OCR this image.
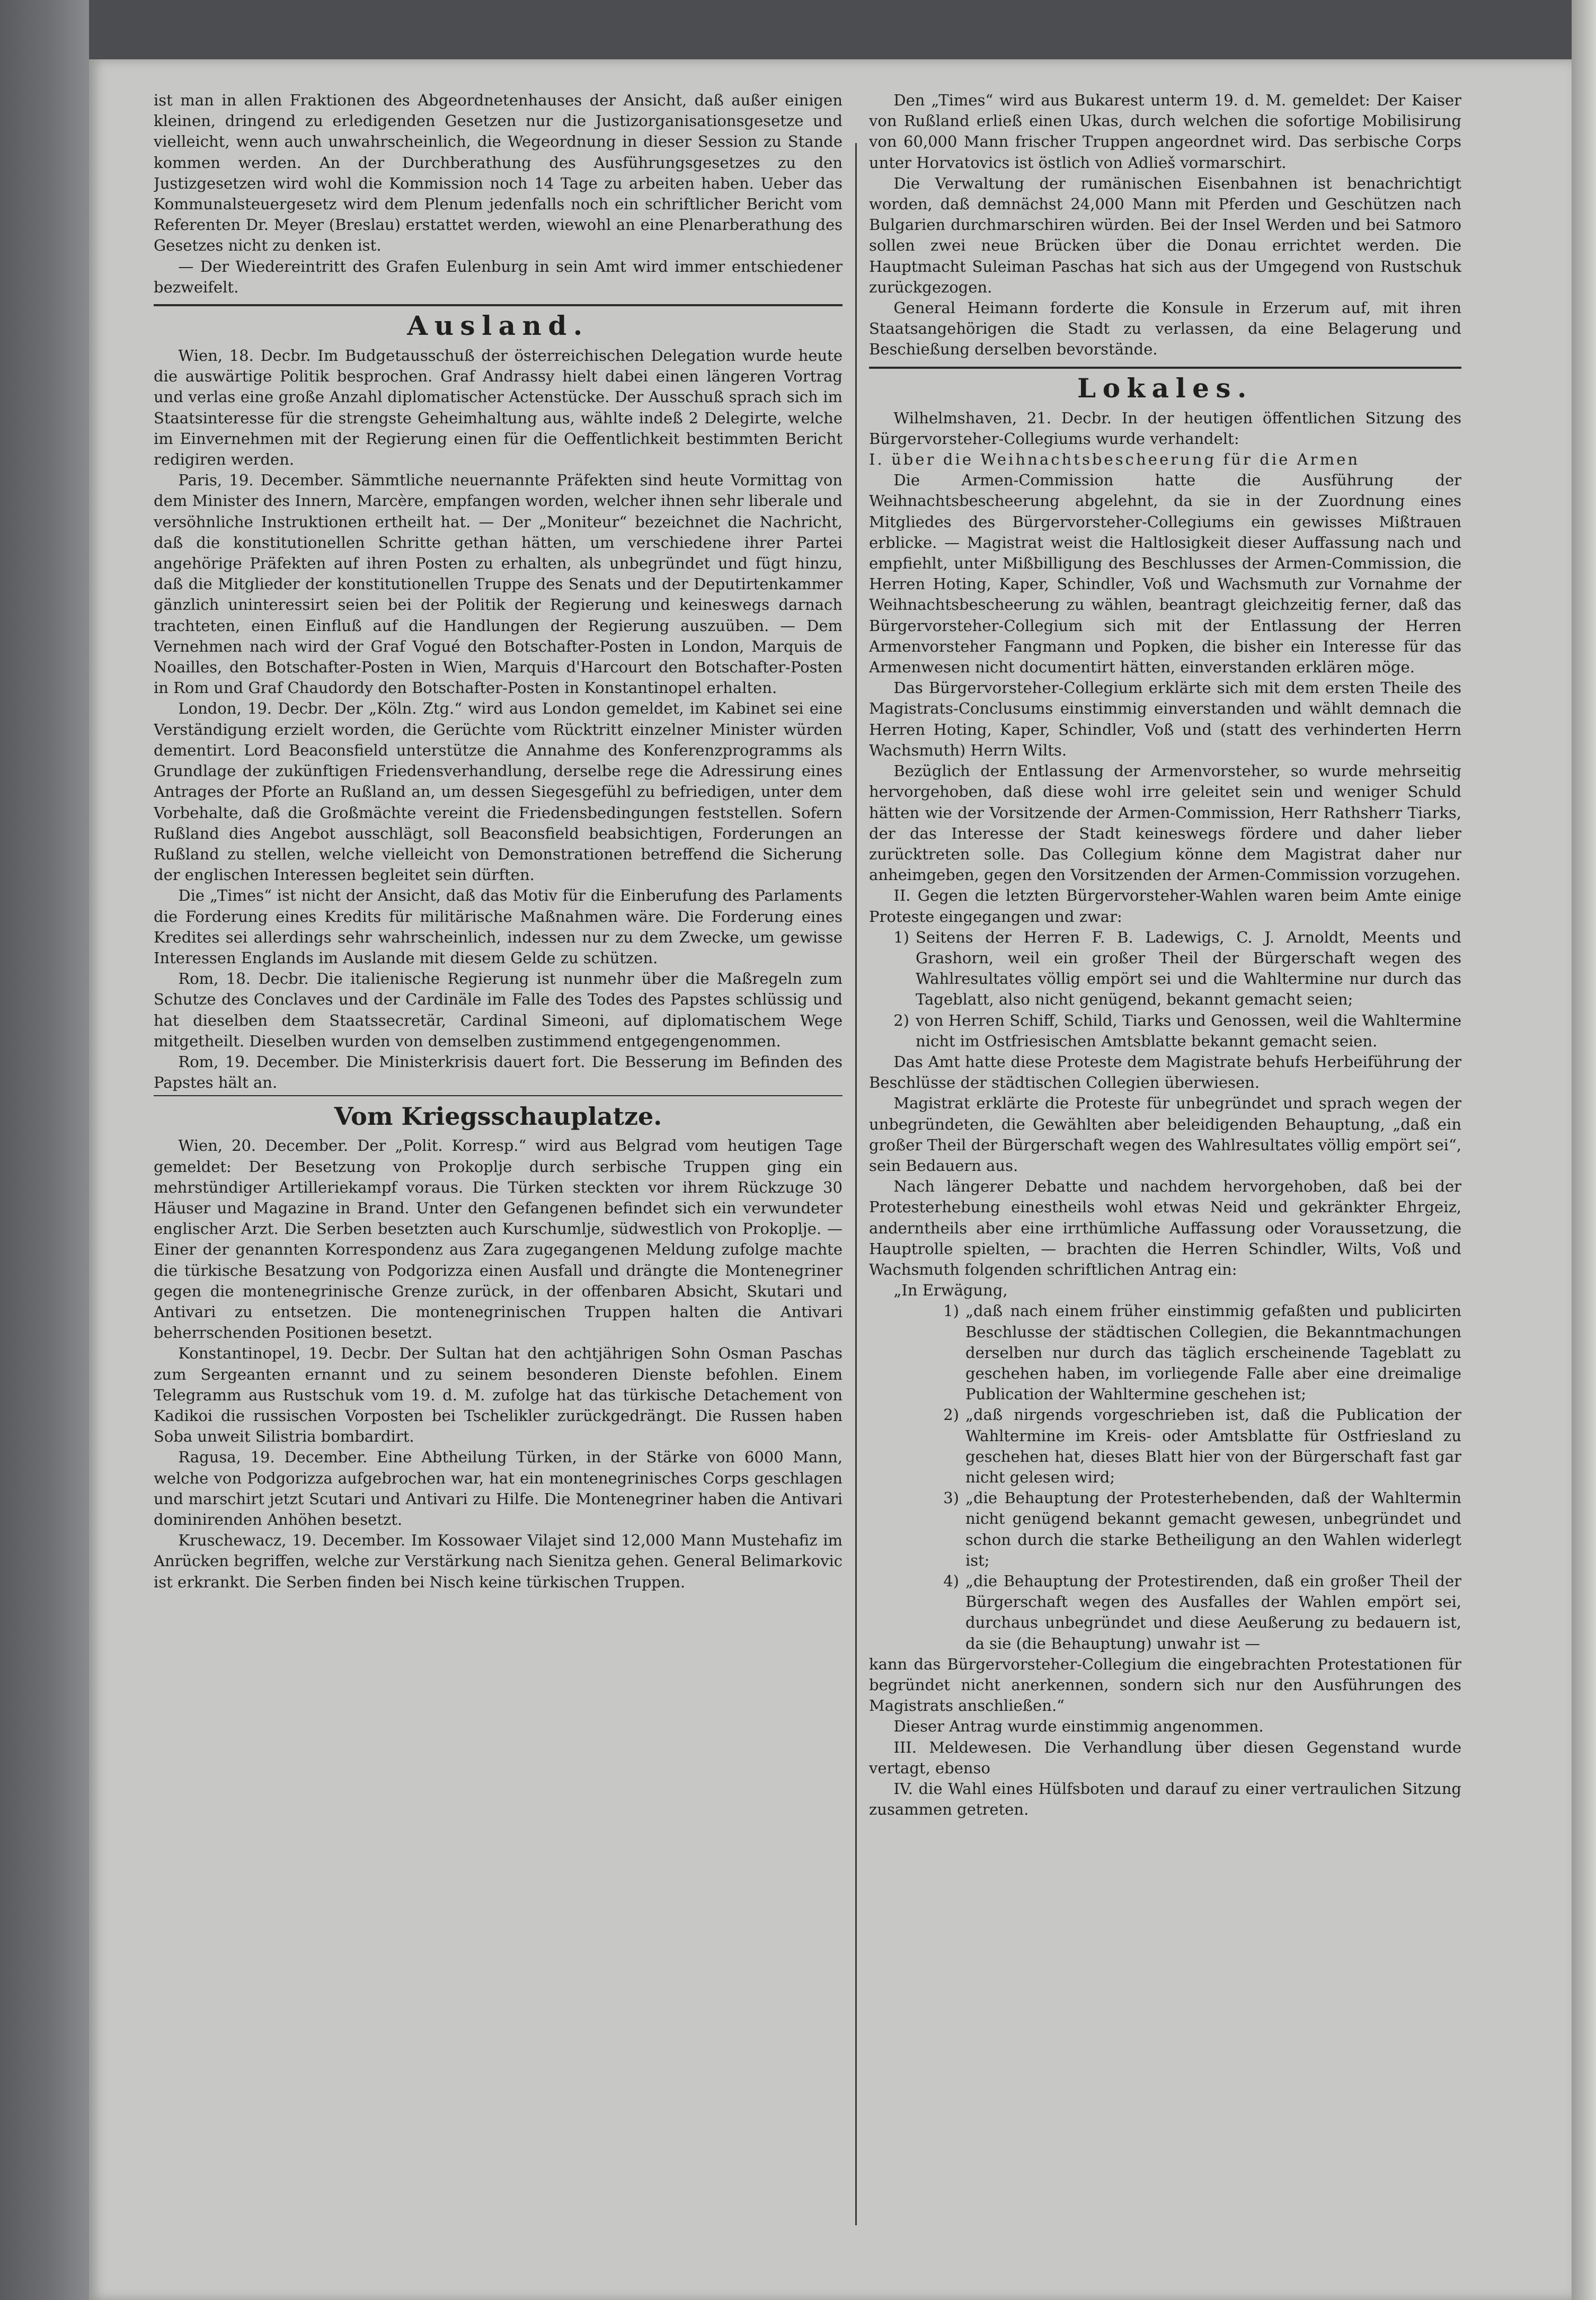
ist man in allen Fraktionen des Abgeordnetenhauses der Ansicht, daß außer einigen kleinen, dringend zu erledigenden Gesetzen nur die Justizorganisationsgesetze und vielleicht, wenn auch unwahrscheinlich, die Wegeordnung in dieser Session zu Stande kommen werden. An der Durchberathung des Ausführungsgesetzes zu den Justizgesetzen wird wohl die Kommission noch 14 Tage zu arbeiten haben. Ueber das Kommunalsteuergesetz wird dem Plenum jedenfalls noch ein schriftlicher Bericht vom Referenten Dr. Meyer (Breslau) erstattet werden, wiewohl an eine Plenarberathung des Gesetzes nicht zu denken ist.

— Der Wiedereintritt des Grafen Eulenburg in sein Amt wird immer entschiedener bezweifelt.

Ausland.

Wien, 18. Decbr. Im Budgetausschuß der österreichischen Delegation wurde heute die auswärtige Politik besprochen. Graf Andrassy hielt dabei einen längeren Vortrag und verlas eine große Anzahl diplomatischer Actenstücke. Der Ausschuß sprach sich im Staatsinteresse für die strengste Geheimhaltung aus, wählte indeß 2 Delegirte, welche im Einvernehmen mit der Regierung einen für die Oeffentlichkeit bestimmten Bericht redigiren werden.

Paris, 19. December. Sämmtliche neuernannte Präfekten sind heute Vormittag von dem Minister des Innern, Marcère, empfangen worden, welcher ihnen sehr liberale und versöhnliche Instruktionen ertheilt hat. — Der „Moniteur“ bezeichnet die Nachricht, daß die konstitutionellen Schritte gethan hätten, um verschiedene ihrer Partei angehörige Präfekten auf ihren Posten zu erhalten, als unbegründet und fügt hinzu, daß die Mitglieder der konstitutionellen Truppe des Senats und der Deputirtenkammer gänzlich uninteressirt seien bei der Politik der Regierung und keineswegs darnach trachteten, einen Einfluß auf die Handlungen der Regierung auszuüben. — Dem Vernehmen nach wird der Graf Vogué den Botschafter-Posten in London, Marquis de Noailles, den Botschafter-Posten in Wien, Marquis d'Harcourt den Botschafter-Posten in Rom und Graf Chaudordy den Botschafter-Posten in Konstantinopel erhalten.

London, 19. Decbr. Der „Köln. Ztg.“ wird aus London gemeldet, im Kabinet sei eine Verständigung erzielt worden, die Gerüchte vom Rücktritt einzelner Minister würden dementirt. Lord Beaconsfield unterstütze die Annahme des Konferenzprogramms als Grundlage der zukünftigen Friedensverhandlung, derselbe rege die Adressirung eines Antrages der Pforte an Rußland an, um dessen Siegesgefühl zu befriedigen, unter dem Vorbehalte, daß die Großmächte vereint die Friedensbedingungen feststellen. Sofern Rußland dies Angebot ausschlägt, soll Beaconsfield beabsichtigen, Forderungen an Rußland zu stellen, welche vielleicht von Demonstrationen betreffend die Sicherung der englischen Interessen begleitet sein dürften.

Die „Times“ ist nicht der Ansicht, daß das Motiv für die Einberufung des Parlaments die Forderung eines Kredits für militärische Maßnahmen wäre. Die Forderung eines Kredites sei allerdings sehr wahrscheinlich, indessen nur zu dem Zwecke, um gewisse Interessen Englands im Auslande mit diesem Gelde zu schützen.

Rom, 18. Decbr. Die italienische Regierung ist nunmehr über die Maßregeln zum Schutze des Conclaves und der Cardinäle im Falle des Todes des Papstes schlüssig und hat dieselben dem Staatssecretär, Cardinal Simeoni, auf diplomatischem Wege mitgetheilt. Dieselben wurden von demselben zustimmend entgegengenommen.

Rom, 19. December. Die Ministerkrisis dauert fort. Die Besserung im Befinden des Papstes hält an.

Vom Kriegsschauplatze.

Wien, 20. December. Der „Polit. Korresp.“ wird aus Belgrad vom heutigen Tage gemeldet: Der Besetzung von Prokoplje durch serbische Truppen ging ein mehrstündiger Artilleriekampf voraus. Die Türken steckten vor ihrem Rückzuge 30 Häuser und Magazine in Brand. Unter den Gefangenen befindet sich ein verwundeter englischer Arzt. Die Serben besetzten auch Kurschumlje, südwestlich von Prokoplje. — Einer der genannten Korrespondenz aus Zara zugegangenen Meldung zufolge machte die türkische Besatzung von Podgorizza einen Ausfall und drängte die Montenegriner gegen die montenegrinische Grenze zurück, in der offenbaren Absicht, Skutari und Antivari zu entsetzen. Die montenegrinischen Truppen halten die Antivari beherrschenden Positionen besetzt.

Konstantinopel, 19. Decbr. Der Sultan hat den achtjährigen Sohn Osman Paschas zum Sergeanten ernannt und zu seinem besonderen Dienste befohlen. Einem Telegramm aus Rustschuk vom 19. d. M. zufolge hat das türkische Detachement von Kadikoi die russischen Vorposten bei Tschelikler zurückgedrängt. Die Russen haben Soba unweit Silistria bombardirt.

Ragusa, 19. December. Eine Abtheilung Türken, in der Stärke von 6000 Mann, welche von Podgorizza aufgebrochen war, hat ein montenegrinisches Corps geschlagen und marschirt jetzt Scutari und Antivari zu Hilfe. Die Montenegriner haben die Antivari dominirenden Anhöhen besetzt.

Kruschewacz, 19. December. Im Kossowaer Vilajet sind 12,000 Mann Mustehafiz im Anrücken begriffen, welche zur Verstärkung nach Sienitza gehen. General Belimarkovic ist erkrankt. Die Serben finden bei Nisch keine türkischen Truppen.

Den „Times“ wird aus Bukarest unterm 19. d. M. gemeldet: Der Kaiser von Rußland erließ einen Ukas, durch welchen die sofortige Mobilisirung von 60,000 Mann frischer Truppen angeordnet wird. Das serbische Corps unter Horvatovics ist östlich von Adlieš vormarschirt.

Die Verwaltung der rumänischen Eisenbahnen ist benachrichtigt worden, daß demnächst 24,000 Mann mit Pferden und Geschützen nach Bulgarien durchmarschiren würden. Bei der Insel Werden und bei Satmoro sollen zwei neue Brücken über die Donau errichtet werden. Die Hauptmacht Suleiman Paschas hat sich aus der Umgegend von Rustschuk zurückgezogen.

General Heimann forderte die Konsule in Erzerum auf, mit ihren Staatsangehörigen die Stadt zu verlassen, da eine Belagerung und Beschießung derselben bevorstände.

Lokales.

Wilhelmshaven, 21. Decbr. In der heutigen öffentlichen Sitzung des Bürgervorsteher-Collegiums wurde verhandelt:

I. über die Weihnachtsbescheerung für die Armen

Die Armen-Commission hatte die Ausführung der Weihnachtsbescheerung abgelehnt, da sie in der Zuordnung eines Mitgliedes des Bürgervorsteher-Collegiums ein gewisses Mißtrauen erblicke. — Magistrat weist die Haltlosigkeit dieser Auffassung nach und empfiehlt, unter Mißbilligung des Beschlusses der Armen-Commission, die Herren Hoting, Kaper, Schindler, Voß und Wachsmuth zur Vornahme der Weihnachtsbescheerung zu wählen, beantragt gleichzeitig ferner, daß das Bürgervorsteher-Collegium sich mit der Entlassung der Herren Armenvorsteher Fangmann und Popken, die bisher ein Interesse für das Armenwesen nicht documentirt hätten, einverstanden erklären möge.

Das Bürgervorsteher-Collegium erklärte sich mit dem ersten Theile des Magistrats-Conclusums einstimmig einverstanden und wählt demnach die Herren Hoting, Kaper, Schindler, Voß und (statt des verhinderten Herrn Wachsmuth) Herrn Wilts.

Bezüglich der Entlassung der Armenvorsteher, so wurde mehrseitig hervorgehoben, daß diese wohl irre geleitet sein und weniger Schuld hätten wie der Vorsitzende der Armen-Commission, Herr Rathsherr Tiarks, der das Interesse der Stadt keineswegs fördere und daher lieber zurücktreten solle. Das Collegium könne dem Magistrat daher nur anheimgeben, gegen den Vorsitzenden der Armen-Commission vorzugehen.

II. Gegen die letzten Bürgervorsteher-Wahlen waren beim Amte einige Proteste eingegangen und zwar:

1) Seitens der Herren F. B. Ladewigs, C. J. Arnoldt, Meents und Grashorn, weil ein großer Theil der Bürgerschaft wegen des Wahlresultates völlig empört sei und die Wahltermine nur durch das Tageblatt, also nicht genügend, bekannt gemacht seien;
2) von Herren Schiff, Schild, Tiarks und Genossen, weil die Wahltermine nicht im Ostfriesischen Amtsblatte bekannt gemacht seien.

Das Amt hatte diese Proteste dem Magistrate behufs Herbeiführung der Beschlüsse der städtischen Collegien überwiesen.

Magistrat erklärte die Proteste für unbegründet und sprach wegen der unbegründeten, die Gewählten aber beleidigenden Behauptung, „daß ein großer Theil der Bürgerschaft wegen des Wahlresultates völlig empört sei“, sein Bedauern aus.

Nach längerer Debatte und nachdem hervorgehoben, daß bei der Protesterhebung einestheils wohl etwas Neid und gekränkter Ehrgeiz, anderntheils aber eine irrthümliche Auffassung oder Voraussetzung, die Hauptrolle spielten, — brachten die Herren Schindler, Wilts, Voß und Wachsmuth folgenden schriftlichen Antrag ein:

„In Erwägung,

1) „daß nach einem früher einstimmig gefaßten und publicirten Beschlusse der städtischen Collegien, die Bekanntmachungen derselben nur durch das täglich erscheinende Tageblatt zu geschehen haben, im vorliegende Falle aber eine dreimalige Publication der Wahltermine geschehen ist;
2) „daß nirgends vorgeschrieben ist, daß die Publication der Wahltermine im Kreis- oder Amtsblatte für Ostfriesland zu geschehen hat, dieses Blatt hier von der Bürgerschaft fast gar nicht gelesen wird;
3) „die Behauptung der Protesterhebenden, daß der Wahltermin nicht genügend bekannt gemacht gewesen, unbegründet und schon durch die starke Betheiligung an den Wahlen widerlegt ist;
4) „die Behauptung der Protestirenden, daß ein großer Theil der Bürgerschaft wegen des Ausfalles der Wahlen empört sei, durchaus unbegründet und diese Aeußerung zu bedauern ist, da sie (die Behauptung) unwahr ist —

kann das Bürgervorsteher-Collegium die eingebrachten Protestationen für begründet nicht anerkennen, sondern sich nur den Ausführungen des Magistrats anschließen.“

Dieser Antrag wurde einstimmig angenommen.

III. Meldewesen. Die Verhandlung über diesen Gegenstand wurde vertagt, ebenso

IV. die Wahl eines Hülfsboten und darauf zu einer vertraulichen Sitzung zusammen getreten.
